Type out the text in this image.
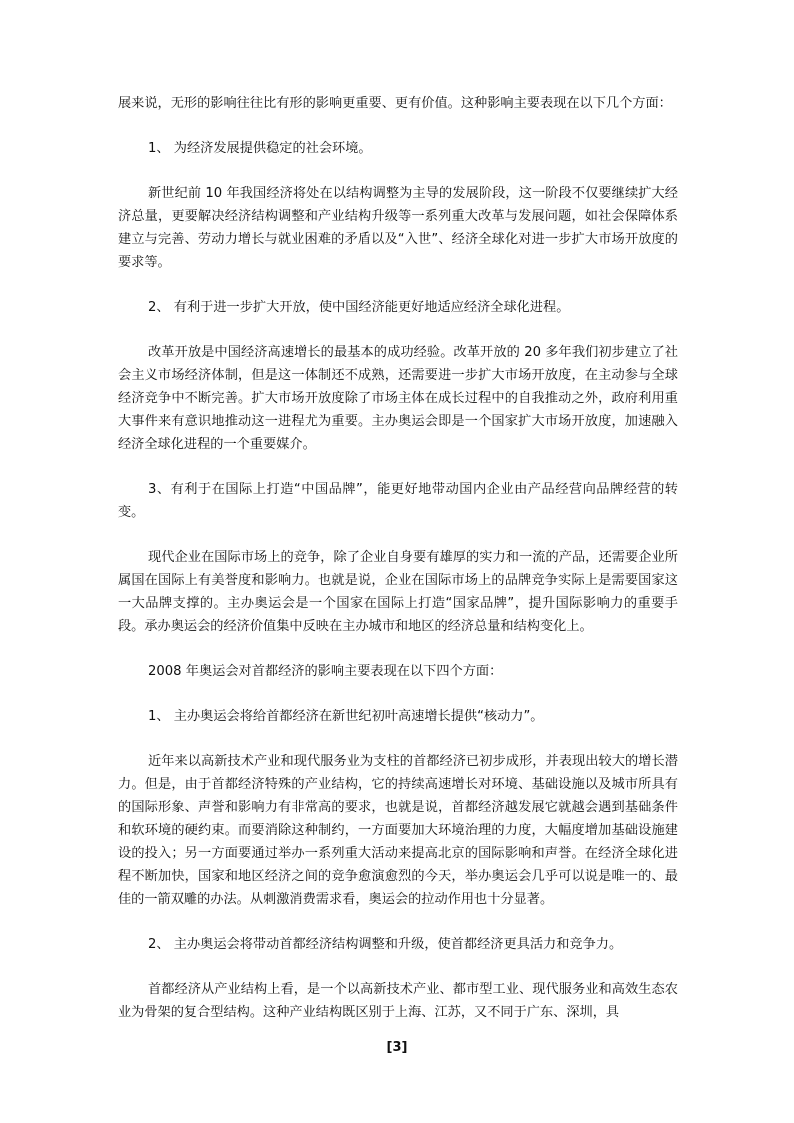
展来说，无形的影响往往比有形的影响更重要、更有价值。这种影响主要表现在以下几个方面：

1、 为经济发展提供稳定的社会环境。

新世纪前 10 年我国经济将处在以结构调整为主导的发展阶段，这一阶段不仅要继续扩大经济总量，更要解决经济结构调整和产业结构升级等一系列重大改革与发展问题，如社会保障体系建立与完善、劳动力增长与就业困难的矛盾以及“入世”、经济全球化对进一步扩大市场开放度的要求等。

2、 有利于进一步扩大开放，使中国经济能更好地适应经济全球化进程。

改革开放是中国经济高速增长的最基本的成功经验。改革开放的 20 多年我们初步建立了社会主义市场经济体制，但是这一体制还不成熟，还需要进一步扩大市场开放度，在主动参与全球经济竞争中不断完善。扩大市场开放度除了市场主体在成长过程中的自我推动之外，政府利用重大事件来有意识地推动这一进程尤为重要。主办奥运会即是一个国家扩大市场开放度，加速融入经济全球化进程的一个重要媒介。

3、有利于在国际上打造“中国品牌”，能更好地带动国内企业由产品经营向品牌经营的转变。

现代企业在国际市场上的竞争，除了企业自身要有雄厚的实力和一流的产品，还需要企业所属国在国际上有美誉度和影响力。也就是说，企业在国际市场上的品牌竞争实际上是需要国家这一大品牌支撑的。主办奥运会是一个国家在国际上打造“国家品牌”，提升国际影响力的重要手段。承办奥运会的经济价值集中反映在主办城市和地区的经济总量和结构变化上。

2008 年奥运会对首都经济的影响主要表现在以下四个方面：

1、 主办奥运会将给首都经济在新世纪初叶高速增长提供“核动力”。

近年来以高新技术产业和现代服务业为支柱的首都经济已初步成形，并表现出较大的增长潜力。但是，由于首都经济特殊的产业结构，它的持续高速增长对环境、基础设施以及城市所具有的国际形象、声誉和影响力有非常高的要求，也就是说，首都经济越发展它就越会遇到基础条件和软环境的硬约束。而要消除这种制约，一方面要加大环境治理的力度，大幅度增加基础设施建设的投入；另一方面要通过举办一系列重大活动来提高北京的国际影响和声誉。在经济全球化进程不断加快，国家和地区经济之间的竞争愈演愈烈的今天，举办奥运会几乎可以说是唯一的、最佳的一箭双雕的办法。从刺激消费需求看，奥运会的拉动作用也十分显著。

2、 主办奥运会将带动首都经济结构调整和升级，使首都经济更具活力和竞争力。

首都经济从产业结构上看，是一个以高新技术产业、都市型工业、现代服务业和高效生态农业为骨架的复合型结构。这种产业结构既区别于上海、江苏，又不同于广东、深圳，具

[3]
